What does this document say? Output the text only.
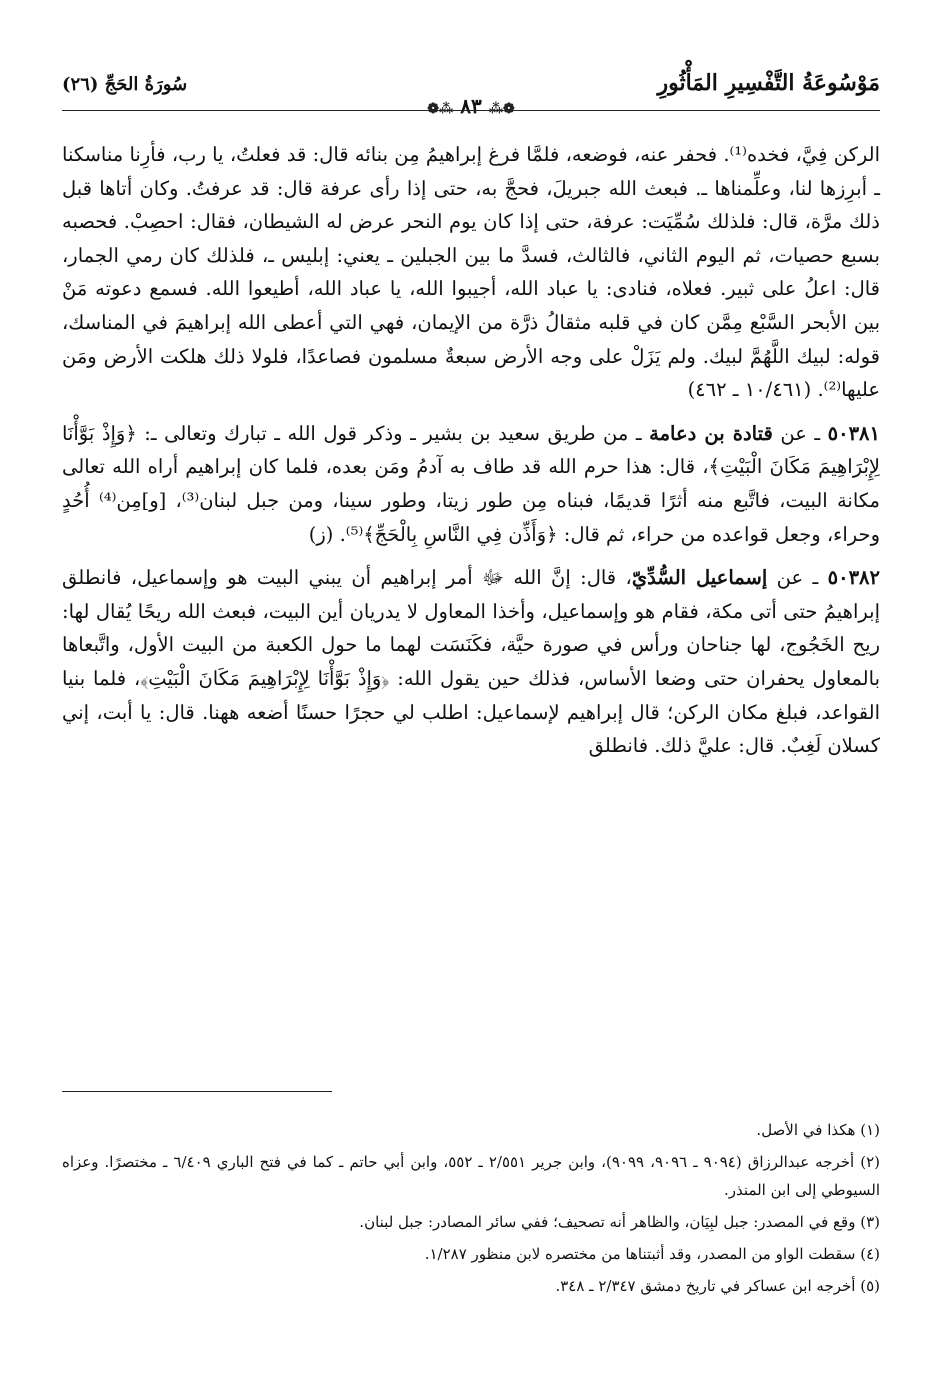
مَوْسُوعَةُ التَّفْسِيرِ المَأْثُورِ
❁⁂ ٨٣ ⁂❁
سُورَةُ الحَجِّ (٢٦)

الركن فِيَّ، فخده⁽¹⁾. فحفر عنه، فوضعه، فلمَّا فرغ إبراهيمُ مِن بنائه قال: قد فعلتُ، يا رب، فأرِنا مناسكنا ـ أبرِزها لنا، وعلِّمناها ـ. فبعث الله جبريلَ، فحجَّ به، حتى إذا رأى عرفة قال: قد عرفتُ. وكان أتاها قبل ذلك مرَّة، قال: فلذلك سُمِّيَت: عرفة، حتى إذا كان يوم النحر عرض له الشيطان، فقال: احصِبْ. فحصبه بسبع حصيات، ثم اليوم الثاني، فالثالث، فسدَّ ما بين الجبلين ـ يعني: إبليس ـ، فلذلك كان رمي الجمار، قال: اعلُ على ثبير. فعلاه، فنادى: يا عباد الله، أجيبوا الله، يا عباد الله، أطيعوا الله. فسمع دعوته مَنْ بين الأبحر السَّبْع مِمَّن كان في قلبه مثقالُ ذرَّة من الإيمان، فهي التي أعطى الله إبراهيمَ في المناسك، قوله: لبيك اللَّهُمَّ لبيك. ولم يَزَلْ على وجه الأرض سبعةٌ مسلمون فصاعدًا، فلولا ذلك هلكت الأرض ومَن عليها⁽²⁾. (١٠/٤٦١ ـ ٤٦٢)

٥٠٣٨١ ـ عن قتادة بن دعامة ـ من طريق سعيد بن بشير ـ وذكر قول الله ـ تبارك وتعالى ـ: ﴿وَإِذْ بَوَّأْنَا لِإِبْرَاهِيمَ مَكَانَ الْبَيْتِ﴾، قال: هذا حرم الله قد طاف به آدمُ ومَن بعده، فلما كان إبراهيم أراه الله تعالى مكانة البيت، فاتَّبع منه أثرًا قديمًا، فبناه مِن طور زيتا، وطور سينا، ومن جبل لبنان⁽³⁾، [و]مِن⁽⁴⁾ أُحُدٍ وحراء، وجعل قواعده من حراء، ثم قال: ﴿وَأَذِّن فِي النَّاسِ بِالْحَجِّ﴾⁽⁵⁾. (ز)

٥٠٣٨٢ ـ عن إسماعيل السُّدِّيّ، قال: إنَّ الله ﷻ أمر إبراهيم أن يبني البيت هو وإسماعيل، فانطلق إبراهيمُ حتى أتى مكة، فقام هو وإسماعيل، وأخذا المعاول لا يدريان أين البيت، فبعث الله ريحًا يُقال لها: ريح الخَجُوج، لها جناحان ورأس في صورة حيَّة، فكَنَسَت لهما ما حول الكعبة من البيت الأول، واتَّبعاها بالمعاول يحفران حتى وضعا الأساس، فذلك حين يقول الله: ﴿وَإِذْ بَوَّأْنَا لِإِبْرَاهِيمَ مَكَانَ الْبَيْتِ﴾، فلما بنيا القواعد، فبلغ مكان الركن؛ قال إبراهيم لإسماعيل: اطلب لي حجرًا حسنًا أضعه ههنا. قال: يا أبت، إني كسلان لَغِبٌ. قال: عليَّ ذلك. فانطلق

(١) هكذا في الأصل.

(٢) أخرجه عبدالرزاق (٩٠٩٤ ـ ٩٠٩٦، ٩٠٩٩)، وابن جرير ٢/٥٥١ ـ ٥٥٢، وابن أبي حاتم ـ كما في فتح الباري ٦/٤٠٩ ـ مختصرًا. وعزاه السيوطي إلى ابن المنذر.

(٣) وقع في المصدر: جبل لبِيَان، والظاهر أنه تصحيف؛ ففي سائر المصادر: جبل لبنان.

(٤) سقطت الواو من المصدر، وقد أثبتناها من مختصره لابن منظور ١/٢٨٧.

(٥) أخرجه ابن عساكر في تاريخ دمشق ٢/٣٤٧ ـ ٣٤٨.
